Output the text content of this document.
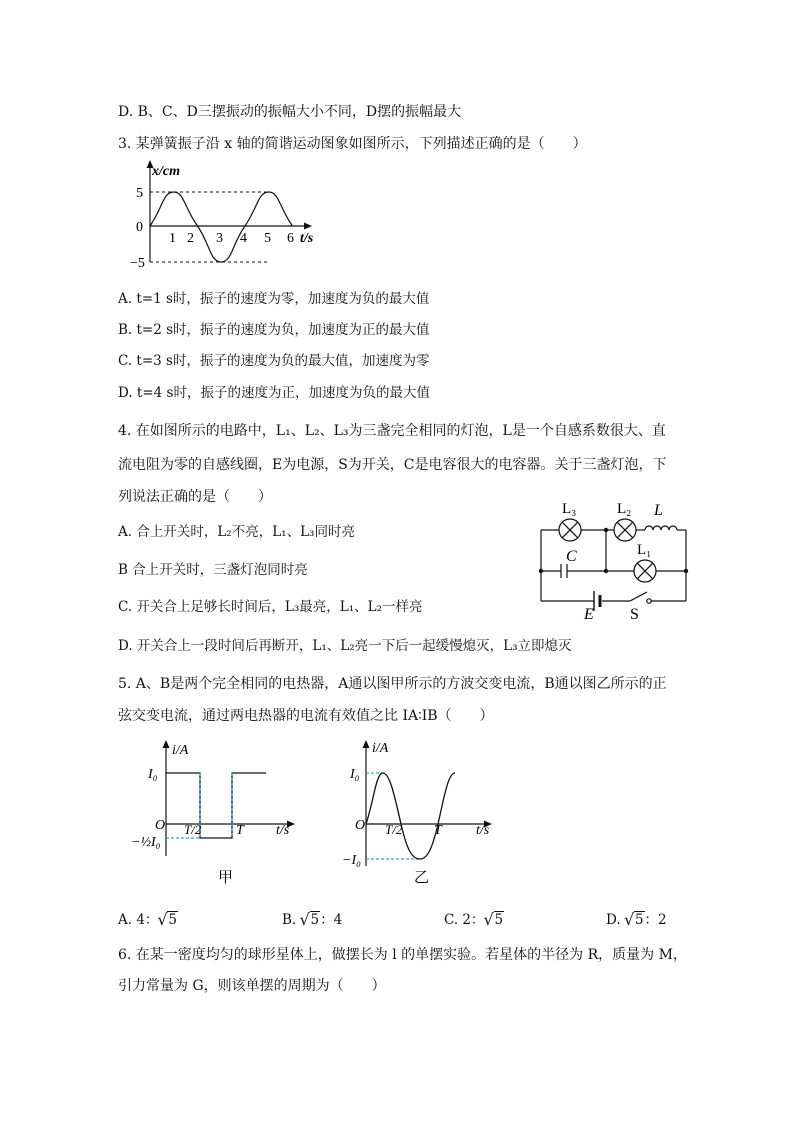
D. B、C、D三摆振动的振幅大小不同，D摆的振幅最大
3. 某弹簧振子沿 x 轴的简谐运动图象如图所示，下列描述正确的是（　　）
x/cm
5
0
−5
1 2 3 4 5 6 t/s
A. t=1 s时，振子的速度为零，加速度为负的最大值
B. t=2 s时，振子的速度为负，加速度为正的最大值
C. t=3 s时，振子的速度为负的最大值，加速度为零
D. t=4 s时，振子的速度为正，加速度为负的最大值
4. 在如图所示的电路中，L₁、L₂、L₃为三盏完全相同的灯泡，L是一个自感系数很大、直
流电阻为零的自感线圈，E为电源，S为开关，C是电容很大的电容器。关于三盏灯泡，下
列说法正确的是（　　）
L₃	L₂ L
L₁
C
E S
A. 合上开关时，L₂不亮，L₁、L₃同时亮
B 合上开关时，三盏灯泡同时亮
C. 开关合上足够长时间后，L₃最亮，L₁、L₂一样亮
D. 开关合上一段时间后再断开，L₁、L₂亮一下后一起缓慢熄灭，L₃立即熄灭
5. A、B是两个完全相同的电热器，A通以图甲所示的方波交变电流，B通以图乙所示的正
弦交变电流，通过两电热器的电流有效值之比 IA∶IB（　　）
i/A
I₀
O
−½I₀
T/2 T t/s
甲
i/A
I₀
O
−I₀
T/2 T t/s
乙
A. 4： √ 5	B. √ 5：4	C. 2： √ 5	D. √ 5：2
6. 在某一密度均匀的球形星体上，做摆长为 l 的单摆实验。若星体的半径为 R，质量为 M，
引力常量为 G，则该单摆的周期为（　　）
